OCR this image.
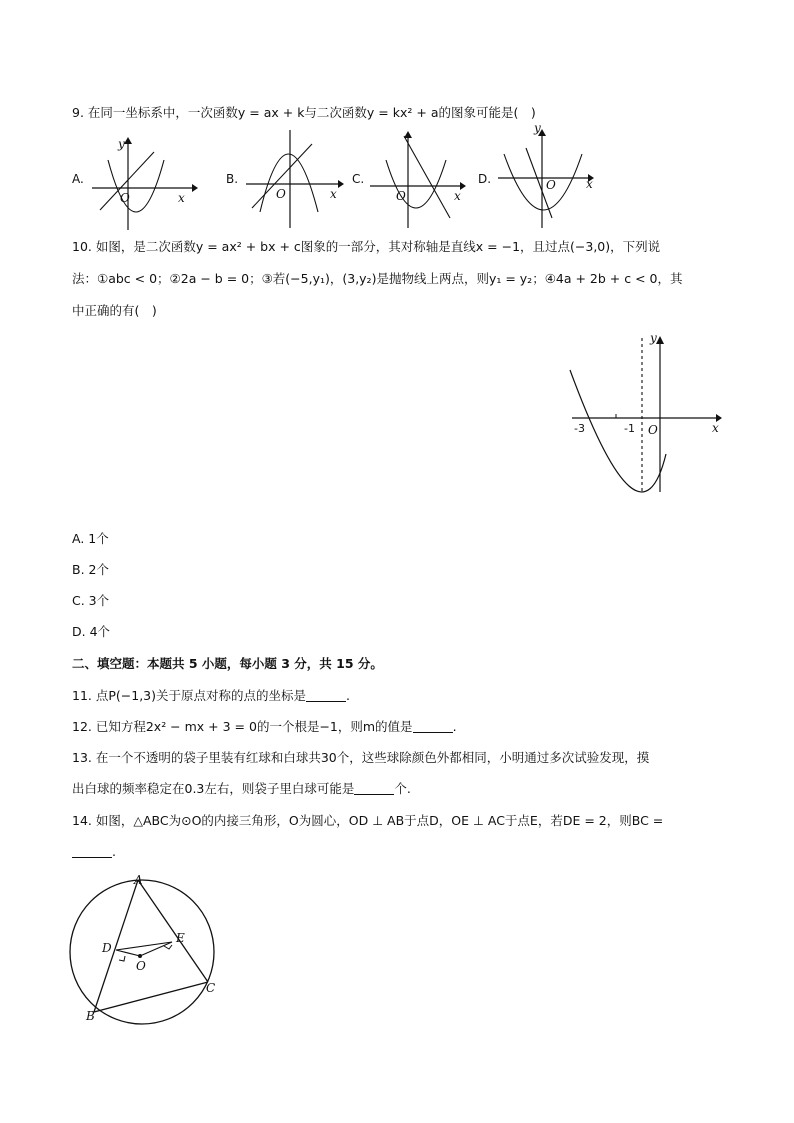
9. 在同一坐标系中，一次函数y = ax + k与二次函数y = kx² + a的图象可能是(　)
A.
y
x
O
B.
x
O
C.
x
O
D.
y
x
O
10. 如图，是二次函数y = ax² + bx + c图象的一部分，其对称轴是直线x = −1，且过点(−3,0)，下列说
法：①abc < 0；②2a − b = 0；③若(−5,y₁)，(3,y₂)是抛物线上两点，则y₁ = y₂；④4a + 2b + c < 0，其
中正确的有(　)
y
x
-3	-1 O
A. 1个
B. 2个
C. 3个
D. 4个
二、填空题：本题共 5 小题，每小题 3 分，共 15 分。
11. 点P(−1,3)关于原点对称的点的坐标是	.
12. 已知方程2x² − mx + 3 = 0的一个根是−1，则m的值是	.
13. 在一个不透明的袋子里装有红球和白球共30个，这些球除颜色外都相同，小明通过多次试验发现，摸
出白球的频率稳定在0.3左右，则袋子里白球可能是	个.
14. 如图，△ABC为⊙O的内接三角形，O为圆心，OD ⊥ AB于点D，OE ⊥ AC于点E，若DE = 2，则BC =
.
A
B
C
D
E
O
